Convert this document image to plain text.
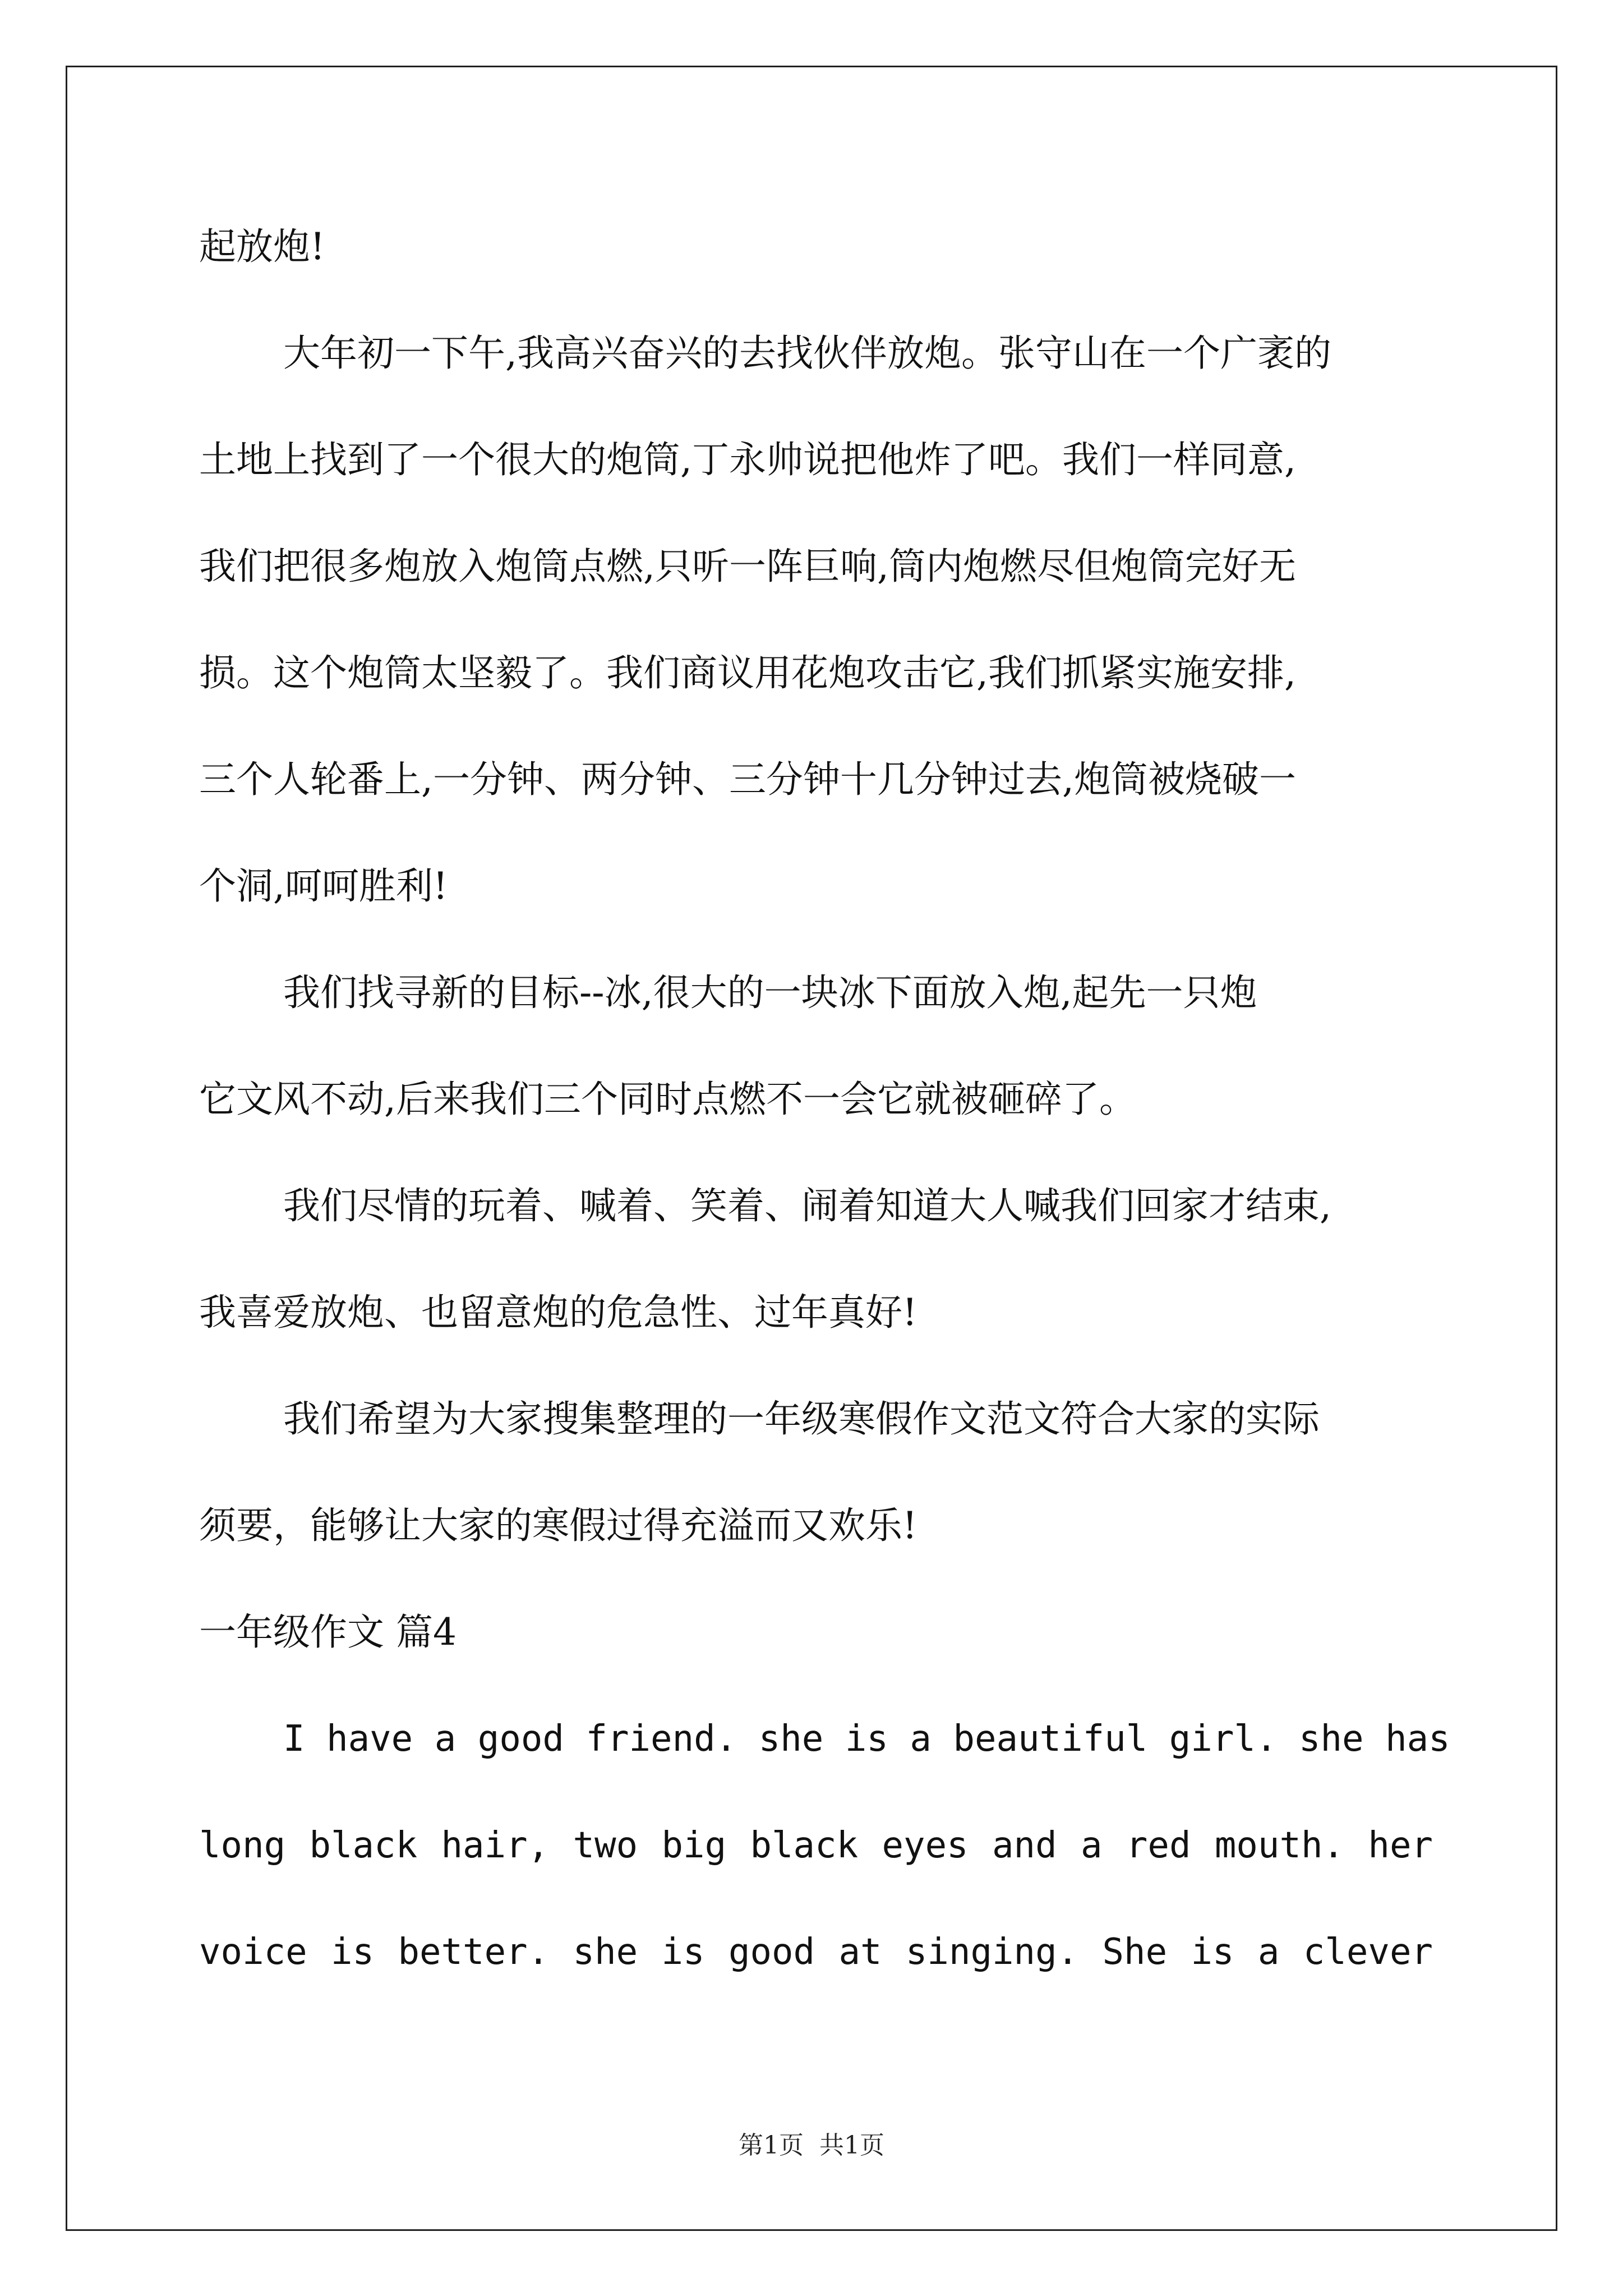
起放炮!
大年初一下午,我高兴奋兴的去找伙伴放炮。张守山在一个广袤的
土地上找到了一个很大的炮筒,丁永帅说把他炸了吧。我们一样同意,
我们把很多炮放入炮筒点燃,只听一阵巨响,筒内炮燃尽但炮筒完好无
损。这个炮筒太坚毅了。我们商议用花炮攻击它,我们抓紧实施安排,
三个人轮番上,一分钟、两分钟、三分钟十几分钟过去,炮筒被烧破一
个洞,呵呵胜利!
我们找寻新的目标--冰,很大的一块冰下面放入炮,起先一只炮
它文风不动,后来我们三个同时点燃不一会它就被砸碎了。
我们尽情的玩着、喊着、笑着、闹着知道大人喊我们回家才结束,
我喜爱放炮、也留意炮的危急性、过年真好!
我们希望为大家搜集整理的一年级寒假作文范文符合大家的实际
须要，能够让大家的寒假过得充溢而又欢乐!
一年级作文 篇4
I have a good friend. she is a beautiful girl. she has
long black hair, two big black eyes and a red mouth. her
voice is better. she is good at singing. She is a clever
第1页  共1页
